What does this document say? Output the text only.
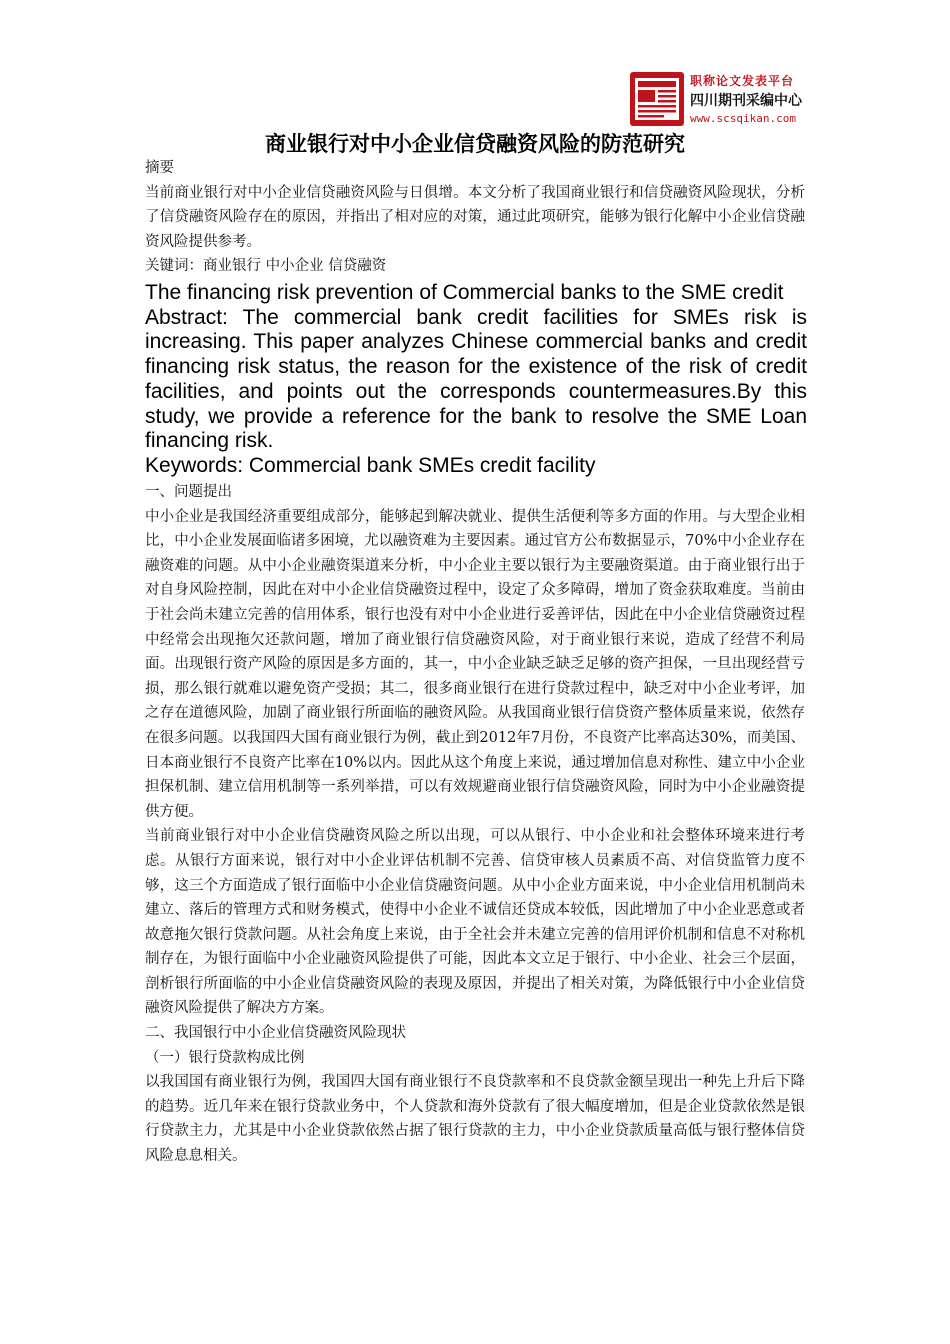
职称论文发表平台
四川期刊采编中心
www.scsqikan.com
商业银行对中小企业信贷融资风险的防范研究

摘要

当前商业银行对中小企业信贷融资风险与日俱增。本文分析了我国商业银行和信贷融资风险现状，分析了信贷融资风险存在的原因，并指出了相对应的对策，通过此项研究，能够为银行化解中小企业信贷融资风险提供参考。

关键词：商业银行 中小企业 信贷融资

The financing risk prevention of Commercial banks to the SME credit

Abstract: The commercial bank credit facilities for SMEs risk is increasing. This paper analyzes Chinese commercial banks and credit financing risk status, the reason for the existence of the risk of credit facilities, and points out the corresponds countermeasures.By this study, we provide a reference for the bank to resolve the SME Loan financing risk.

Keywords: Commercial bank SMEs credit facility

一、问题提出

中小企业是我国经济重要组成部分，能够起到解决就业、提供生活便利等多方面的作用。与大型企业相比，中小企业发展面临诸多困境，尤以融资难为主要因素。通过官方公布数据显示，70%中小企业存在融资难的问题。从中小企业融资渠道来分析，中小企业主要以银行为主要融资渠道。由于商业银行出于对自身风险控制，因此在对中小企业信贷融资过程中，设定了众多障碍，增加了资金获取难度。当前由于社会尚未建立完善的信用体系，银行也没有对中小企业进行妥善评估，因此在中小企业信贷融资过程中经常会出现拖欠还款问题，增加了商业银行信贷融资风险，对于商业银行来说，造成了经营不利局面。出现银行资产风险的原因是多方面的，其一，中小企业缺乏缺乏足够的资产担保，一旦出现经营亏损，那么银行就难以避免资产受损；其二，很多商业银行在进行贷款过程中，缺乏对中小企业考评，加之存在道德风险，加剧了商业银行所面临的融资风险。从我国商业银行信贷资产整体质量来说，依然存在很多问题。以我国四大国有商业银行为例，截止到2012年7月份，不良资产比率高达30%，而美国、日本商业银行不良资产比率在10%以内。因此从这个角度上来说，通过增加信息对称性、建立中小企业担保机制、建立信用机制等一系列举措，可以有效规避商业银行信贷融资风险，同时为中小企业融资提供方便。

当前商业银行对中小企业信贷融资风险之所以出现，可以从银行、中小企业和社会整体环境来进行考虑。从银行方面来说，银行对中小企业评估机制不完善、信贷审核人员素质不高、对信贷监管力度不够，这三个方面造成了银行面临中小企业信贷融资问题。从中小企业方面来说，中小企业信用机制尚未建立、落后的管理方式和财务模式，使得中小企业不诚信还贷成本较低，因此增加了中小企业恶意或者故意拖欠银行贷款问题。从社会角度上来说，由于全社会并未建立完善的信用评价机制和信息不对称机制存在，为银行面临中小企业融资风险提供了可能，因此本文立足于银行、中小企业、社会三个层面，剖析银行所面临的中小企业信贷融资风险的表现及原因，并提出了相关对策，为降低银行中小企业信贷融资风险提供了解决方方案。

二、我国银行中小企业信贷融资风险现状

（一）银行贷款构成比例

以我国国有商业银行为例，我国四大国有商业银行不良贷款率和不良贷款金额呈现出一种先上升后下降的趋势。近几年来在银行贷款业务中，个人贷款和海外贷款有了很大幅度增加，但是企业贷款依然是银行贷款主力，尤其是中小企业贷款依然占据了银行贷款的主力，中小企业贷款质量高低与银行整体信贷风险息息相关。
